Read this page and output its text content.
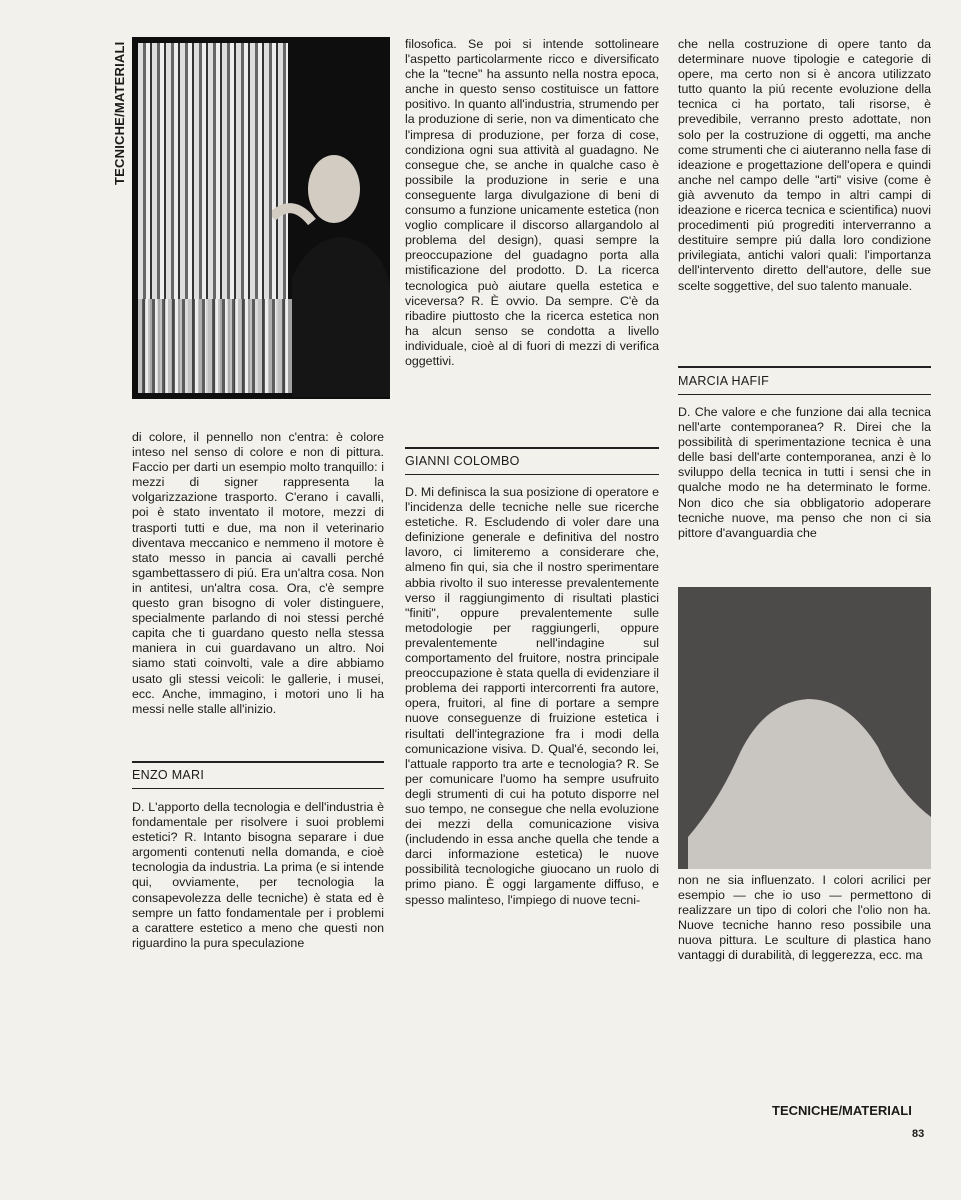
TECNICHE/MATERIALI
di colore, il pennello non c'entra: è colore inteso nel senso di colore e non di pittura. Faccio per darti un esempio molto tranquillo: i mezzi di signer rappresenta la volgarizzazione trasporto. C'erano i cavalli, poi è stato inventato il motore, mezzi di trasporti tutti e due, ma non il veterinario diventava meccanico e nemmeno il motore è stato messo in pancia ai cavalli perché sgambettassero di piú. Era un'altra cosa. Non in antitesi, un'altra cosa. Ora, c'è sempre questo gran bisogno di voler distinguere, specialmente parlando di noi stessi perché capita che ti guardano questo nella stessa maniera in cui guardavano un altro. Noi siamo stati coinvolti, vale a dire abbiamo usato gli stessi veicoli: le gallerie, i musei, ecc. Anche, immagino, i motori uno li ha messi nelle stalle all'inizio.
ENZO MARI
D. L'apporto della tecnologia e dell'industria è fondamentale per risolvere i suoi problemi estetici? R. Intanto bisogna separare i due argomenti contenuti nella domanda, e cioè tecnologia da industria. La prima (e si intende qui, ovviamente, per tecnologia la consapevolezza delle tecniche) è stata ed è sempre un fatto fondamentale per i problemi a carattere estetico a meno che questi non riguardino la pura speculazione
filosofica. Se poi si intende sottolineare l'aspetto particolarmente ricco e diversificato che la "tecne" ha assunto nella nostra epoca, anche in questo senso costituisce un fattore positivo. In quanto all'industria, strumendo per la produzione di serie, non va dimenticato che l'impresa di produzione, per forza di cose, condiziona ogni sua attività al guadagno. Ne consegue che, se anche in qualche caso è possibile la produzione in serie e una conseguente larga divulgazione di beni di consumo a funzione unicamente estetica (non voglio complicare il discorso allargandolo al problema del design), quasi sempre la preoccupazione del guadagno porta alla mistificazione del prodotto. D. La ricerca tecnologica può aiutare quella estetica e viceversa? R. È ovvio. Da sempre. C'è da ribadire piuttosto che la ricerca estetica non ha alcun senso se condotta a livello individuale, cioè al di fuori di mezzi di verifica oggettivi.
GIANNI COLOMBO
D. Mi definisca la sua posizione di operatore e l'incidenza delle tecniche nelle sue ricerche estetiche. R. Escludendo di voler dare una definizione generale e definitiva del nostro lavoro, ci limiteremo a considerare che, almeno fin qui, sia che il nostro sperimentare abbia rivolto il suo interesse prevalentemente verso il raggiungimento di risultati plastici "finiti", oppure prevalentemente sulle metodologie per raggiungerli, oppure prevalentemente nell'indagine sul comportamento del fruitore, nostra principale preoccupazione è stata quella di evidenziare il problema dei rapporti intercorrenti fra autore, opera, fruitori, al fine di portare a sempre nuove conseguenze di fruizione estetica i risultati dell'integrazione fra i modi della comunicazione visiva. D. Qual'é, secondo lei, l'attuale rapporto tra arte e tecnologia? R. Se per comunicare l'uomo ha sempre usufruito degli strumenti di cui ha potuto disporre nel suo tempo, ne consegue che nella evoluzione dei mezzi della comunicazione visiva (includendo in essa anche quella che tende a darci informazione estetica) le nuove possibilità tecnologiche giuocano un ruolo di primo piano. È oggi largamente diffuso, e spesso malinteso, l'impiego di nuove tecni-
che nella costruzione di opere tanto da determinare nuove tipologie e categorie di opere, ma certo non si è ancora utilizzato tutto quanto la piú recente evoluzione della tecnica ci ha portato, tali risorse, è prevedibile, verranno presto adottate, non solo per la costruzione di oggetti, ma anche come strumenti che ci aiuteranno nella fase di ideazione e progettazione dell'opera e quindi anche nel campo delle "arti" visive (come è già avvenuto da tempo in altri campi di ideazione e ricerca tecnica e scientifica) nuovi procedimenti piú progrediti interverranno a destituire sempre piú dalla loro condizione privilegiata, antichi valori quali: l'importanza dell'intervento diretto dell'autore, delle sue scelte soggettive, del suo talento manuale.
MARCIA HAFIF
D. Che valore e che funzione dai alla tecnica nell'arte contemporanea? R. Direi che la possibilità di sperimentazione tecnica è una delle basi dell'arte contemporanea, anzi è lo sviluppo della tecnica in tutti i sensi che in qualche modo ne ha determinato le forme. Non dico che sia obbligatorio adoperare tecniche nuove, ma penso che non ci sia pittore d'avanguardia che
non ne sia influenzato. I colori acrilici per esempio — che io uso — permettono di realizzare un tipo di colori che l'olio non ha. Nuove tecniche hanno reso possibile una nuova pittura. Le sculture di plastica hano vantaggi di durabilità, di leggerezza, ecc. ma
TECNICHE/MATERIALI
83
